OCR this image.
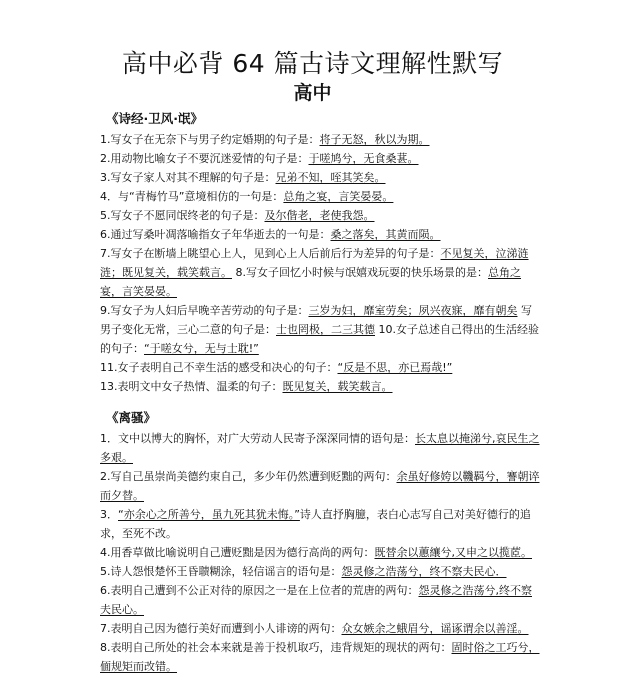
高中必背 64 篇古诗文理解性默写
高中
《诗经·卫风·氓》

1.写女子在无奈下与男子约定婚期的句子是：将子无怒，秋以为期。

2.用动物比喻女子不要沉迷爱情的句子是：于嗟鸠兮，无食桑葚。

3.写女子家人对其不理解的句子是：兄弟不知，咥其笑矣。

4．与“青梅竹马”意境相仿的一句是：总角之宴，言笑晏晏。

5.写女子不愿同氓终老的句子是：及尔偕老，老使我怨。

6.通过写桑叶凋落喻指女子年华逝去的一句是：桑之落矣，其黄而陨。

7.写女子在断墙上眺望心上人，见到心上人后前后行为差异的句子是：不见复关，泣涕涟涟；既见复关，载笑载言。 8.写女子回忆小时候与氓嬉戏玩耍的快乐场景的是：总角之宴，言笑晏晏。

9.写女子为人妇后早晚辛苦劳动的句子是：三岁为妇，靡室劳矣；夙兴夜寐，靡有朝矣 写男子变化无常，三心二意的句子是：士也罔极，二三其德 10.女子总述自己得出的生活经验的句子：“于嗟女兮，无与士耽!”

11.女子表明自己不幸生活的感受和决心的句子：“反是不思，亦已焉哉!”

13.表明文中女子热情、温柔的句子：既见复关，载笑载言。

《离骚》

1．文中以博大的胸怀，对广大劳动人民寄予深深同情的语句是：长太息以掩涕兮,哀民生之多艰。

2.写自己虽崇尚美德约束自己，多少年仍然遭到贬黜的两句：余虽好修姱以鞿羁兮，謇朝谇而夕替。

3．“亦余心之所善兮，虽九死其犹未悔。”诗人直抒胸臆，表白心志写自己对美好德行的追求，至死不改。

4.用香草做比喻说明自己遭贬黜是因为德行高尚的两句：既替余以蕙纕兮,又申之以揽茝。

5.诗人怨恨楚怀王昏聩糊涂，轻信谣言的语句是：怨灵修之浩荡兮，终不察夫民心．

6.表明自己遭到不公正对待的原因之一是在上位者的荒唐的两句：怨灵修之浩荡兮,终不察夫民心。

7.表明自己因为德行美好而遭到小人诽谤的两句：众女嫉余之蛾眉兮，谣诼谓余以善淫。

8.表明自己所处的社会本来就是善于投机取巧，违背规矩的现状的两句：固时俗之工巧兮，偭规矩而改错。
